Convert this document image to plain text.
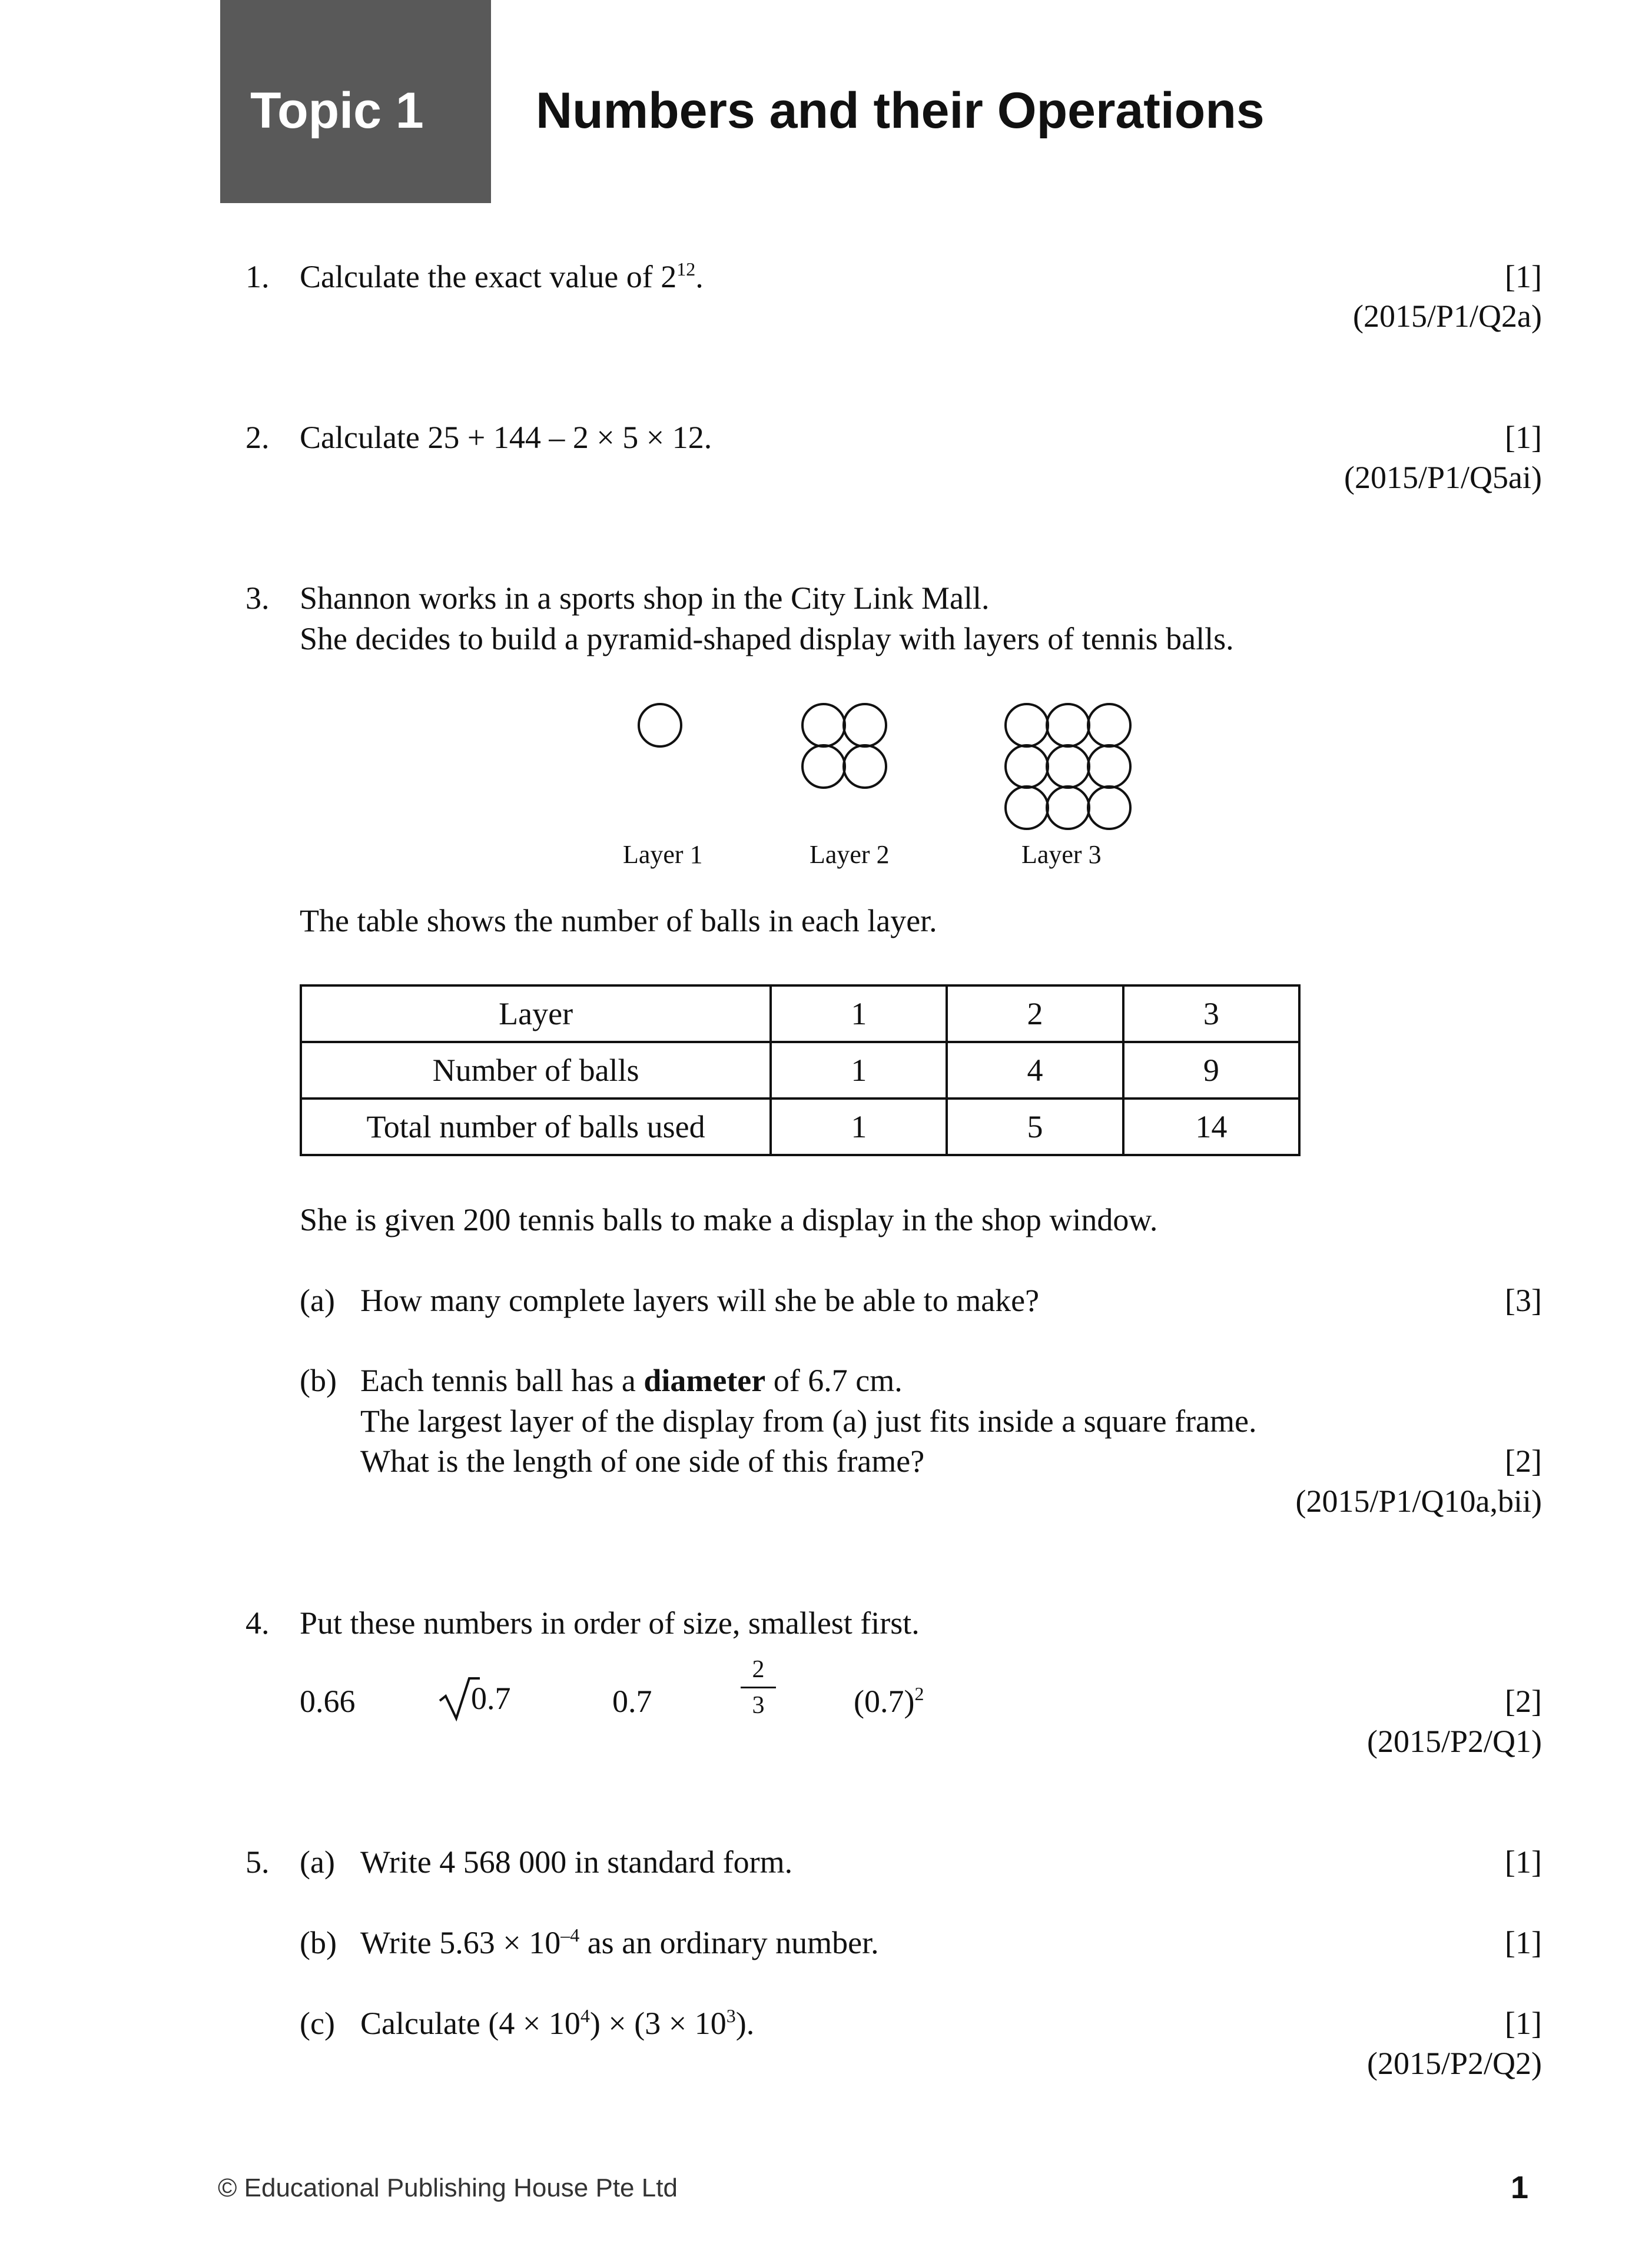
Topic 1 Numbers and their Operations
1. Calculate the exact value of $2^{12}$.	[1]
(2015/P1/Q2a)
2. Calculate 25 + 144 – 2 × 5 × 12.	[1]
(2015/P1/Q5ai)
3. Shannon works in a sports shop in the City Link Mall.
She decides to build a pyramid-shaped display with layers of tennis balls.
Layer 1	Layer 2	Layer 3
The table shows the number of balls in each layer.
Layer	1	2	3
Number of balls	1	4	9
Total number of balls used	1	5	14
She is given 200 tennis balls to make a display in the shop window.
(a) How many complete layers will she be able to make?	[3]
(b) Each tennis ball has a diameter of 6.7 cm.
The largest layer of the display from (a) just fits inside a square frame.
What is the length of one side of this frame?	[2]
(2015/P1/Q10a,bii)
4. Put these numbers in order of size, smallest first.
0.66	0.7	0.7
2
3	$(0.7)^2$	[2]
(2015/P2/Q1)
5. (a) Write 4 568 000 in standard form.	[1]
(b) Write $5.63 \times 10^{-4}$ as an ordinary number.	[1]
(c) Calculate $(4 \times 10^4) \times (3 \times 10^3)$.	[1]
(2015/P2/Q2)
© Educational Publishing House Pte Ltd	1
